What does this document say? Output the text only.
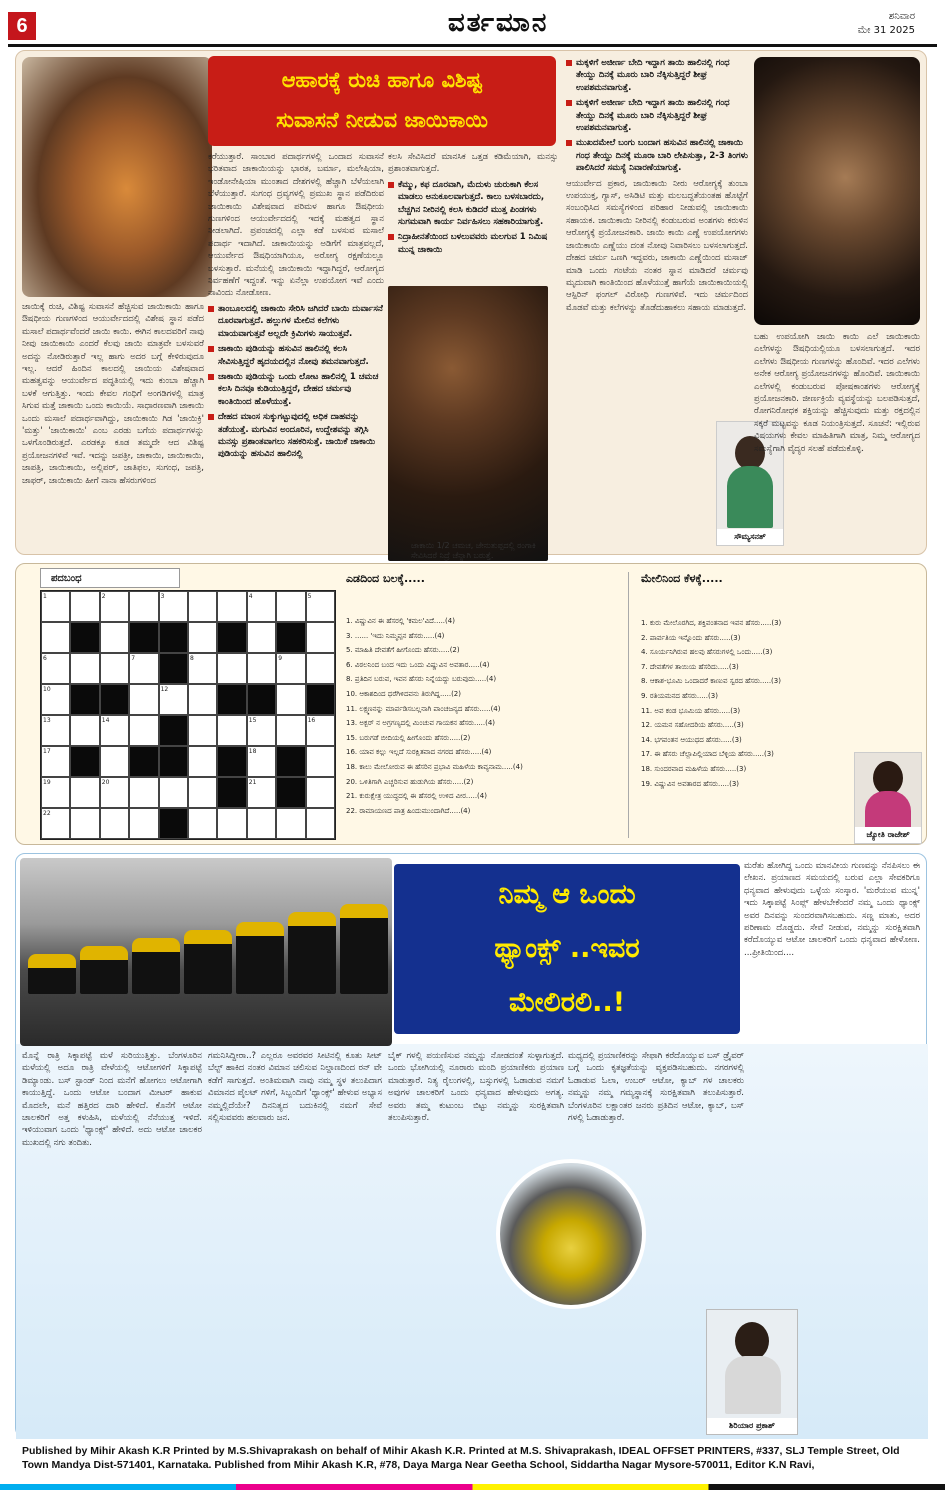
6	ವರ್ತಮಾನ	ಶನಿವಾರ
ಮೇ 31 2025
ಆಹಾರಕ್ಕೆ ರುಚಿ ಹಾಗೂ ವಿಶಿಷ್ಟ
ಸುವಾಸನೆ ನೀಡುವ ಜಾಯಿಕಾಯಿ

ಜಾಯಿಕ್ಕೆ ರುಚಿ, ವಿಶಿಷ್ಟ ಸುವಾಸನೆ ಹೆಚ್ಚಿಸುವ ಜಾಯಿಕಾಯಿ ಹಾಗೂ ಔಷಧೀಯ ಗುಣಗಳಿಂದ ಆಯುರ್ವೇದದಲ್ಲಿ ವಿಶೇಷ ಸ್ಥಾನ ಪಡೆದ ಮಸಾಲೆ ಪದಾರ್ಥವೆಂದರೆ ಜಾಯಿ ಕಾಯಿ. ಈಗಿನ ಕಾಲದವರಿಗೆ ನಾವು ನೀವು ಜಾಯಿಕಾಯಿ ಎಂದರೆ ಕೆಲವು ಜಾಯಿ ಮಾತ್ರವೇ ಬಳಸುವರೆ ಅದನ್ನು ನೋಡಿರುತ್ತಾರೆ ಇಲ್ಲ ಹಾಗು ಅದರ ಬಗ್ಗೆ ಕೇಳಿರುವುದೂ ಇಲ್ಲ. ಆದರೆ ಹಿಂದಿನ ಕಾಲದಲ್ಲಿ ಜಾಯಿಯ ವಿಶೇಷವಾದ ಮಹತ್ವವನ್ನು ಆಯುರ್ವೇದ ಪದ್ಧತಿಯಲ್ಲಿ ಇದು ಕುಂಬಾ ಹೆಚ್ಚಾಗಿ ಬಳಕೆ ಆಗುತ್ತಿತ್ತು. ಇಂದು ಕೇವಲ ಗಂಧಿಗೆ ಅಂಗಡಿಗಳಲ್ಲಿ ಮಾತ್ರ ಸಿಗುವ ಮತ್ತೆ ಜಾಕಾಯಿ ಒಂದು ಕಾಯಿಯೆ. ಸಾಧಾರಣವಾಗಿ ಜಾಕಾಯಿ ಒಂದು ಮಸಾಲೆ ಪದಾರ್ಥವಾಗಿದ್ದು, ಜಾಯಿಕಾಯಿ ಗಿಡ 'ಜಾಯಿಕ್ರಿ' 'ಮತ್ತು' 'ಜಾಯಿಕಾಯಿ' ಎಂಬ ಎರಡು ಬಗೆಯ ಪದಾರ್ಥಗಳನ್ನು ಒಳಗೊಂಡಿರುತ್ತದೆ. ಎರಡಕ್ಕೂ ಕೂಡ ತಮ್ಮದೇ ಆದ ವಿಶಿಷ್ಟ ಪ್ರಯೋಜನಗಳಿವೆ ಇವೆ. ಇದನ್ನು ಜಪತ್ರೀ, ಜಾಕಾಯಿ, ಜಾಯಿಕಾಯಿ, ಜಾಪತ್ರಿ, ಜಾಯಿಕಾಯಿ, ಅಲ್ಲಿಪರ್, ಜಾತಿಫಲ, ಸುಗಂಧ, ಜಪತ್ರಿ, ಜಾಫರ್, ಜಾಯಿಕಾಯಿ ಹೀಗೆ ನಾನಾ ಹೆಸರುಗಳಿಂದ

ಕರೆಯುತ್ತಾರೆ. ಸಾಂಬಾರ ಪದಾರ್ಥಗಳಲ್ಲಿ ಒಂದಾದ ಸುವಾಸನೆ ಭರಿತವಾದ ಜಾಕಾಯಿಯನ್ನು ಭಾರತ, ಬರ್ಮಾ, ಮಲೇಷಿಯಾ, ಇಂಡೋನೇಷಿಯಾ ಮುಂತಾದ ದೇಶಗಳಲ್ಲಿ ಹೆಚ್ಚಾಗಿ ಬೆಳೆಯಲಾಗಿ ಬೆಳೆಯುತ್ತಾರೆ. ಸುಗಂಧ ದ್ರವ್ಯಗಳಲ್ಲಿ ಪ್ರಮುಖ ಸ್ಥಾನ ಪಡೆದಿರುವ ಜಾಯಿಕಾಯಿ ವಿಶೇಷವಾದ ಪರಿಮಳ ಹಾಗೂ ಔಷಧೀಯ ಗುಣಗಳಿಂದ ಆಯುರ್ವೇದದಲ್ಲಿ ಇದಕ್ಕೆ ಮಹತ್ವದ ಸ್ಥಾನ ನೀಡಲಾಗಿದೆ. ಪ್ರಪಂಚದಲ್ಲಿ ಎಲ್ಲಾ ಕಡೆ ಬಳಸುವ ಮಸಾಲೆ ಪದಾರ್ಥ ಇದಾಗಿದೆ. ಜಾಕಾಯಿಯನ್ನು ಅಡಿಗೆಗೆ ಮಾತ್ರವಲ್ಲದೆ, ಆಯುರ್ವೇದ ಔಷಧಿಯಾಗಿಯೂ, ಅರೋಗ್ಯ ರಕ್ಷಣೆಯಲ್ಲೂ ಬಳಸುತ್ತಾರೆ. ಮನೆಯಲ್ಲಿ ಜಾಯಿಕಾಯಿ ಇದ್ದಾಗಿದ್ದರೆ, ಆರೋಗ್ಯದ ನಿರ್ವಹಣೆಗೆ ಇದ್ದಂತೆ. ಇನ್ನು ಏನೆಲ್ಲಾ ಉಪಯೋಗ ಇವೆ ಎಂದು ನಾವಿಂದು ನೋಡೋಣ.

ತಾಂಬೂಲದಲ್ಲಿ ಜಾಕಾಯಿ ಸೇರಿಸಿ ಜಗಿದರೆ ಬಾಯಿ ದುರ್ವಾಸನೆ ದೂರವಾಗುತ್ತದೆ. ಹಲ್ಲುಗಳ ಮೇಲಿನ ಕಲೆಗಳು ಮಾಯವಾಗುತ್ತವೆ ಅಲ್ಲದೇ ಕ್ರಿಮಿಗಳು ಸಾಯುತ್ತವೆ.
ಜಾಕಾಯಿ ಪುಡಿಯನ್ನು ಹಸುವಿನ ಹಾಲಿನಲ್ಲಿ ಕಲಸಿ ಸೇವಿಸುತ್ತಿದ್ದರೆ ಹೃದಯದಲ್ಲಿನ ನೋವು ಶಮನವಾಗುತ್ತದೆ.
ಜಾಕಾಯಿ ಪುಡಿಯನ್ನು ಒಂದು ಲೋಟ ಹಾಲಿನಲ್ಲಿ 1 ಚಮಚ ಕಲಸಿ ದಿನವೂ ಕುಡಿಯುತ್ತಿದ್ದರೆ, ದೇಹದ ಚರ್ಮವು ಕಾಂತಿಯಿಂದ ಹೊಳೆಯುತ್ತೆ.
ದೇಹದ ಮಾಂಸ ಸುಕ್ಕುಗಟ್ಟುವುದಲ್ಲಿ ಅಧಿಕ ದಾಹವನ್ನು ತಡೆಯುತ್ತೆ. ಮಗುವಿನ ಅಂದೂರಿನ, ಉದ್ದೇಶವನ್ನು ತಗ್ಗಿಸಿ ಮನಸ್ಸು ಪ್ರಶಾಂತವಾಗಲು ಸಹಕರಿಸುತ್ತೆ. ಜಾಯಿಕೆ ಜಾಕಾಯಿ ಪುಡಿಯನ್ನು ಹಸುವಿನ ಹಾಲಿನಲ್ಲಿ

ಕಲಸಿ ಸೇವಿಸಿದರೆ ಮಾನಸಿಕ ಒತ್ತಡ ಕಡಿಮೆಯಾಗಿ, ಮನಸ್ಸು ಪ್ರಶಾಂತವಾಗುತ್ತದೆ.

ಕೆಮ್ಮು, ಕಫ ದೂರವಾಗಿ, ಮೆದುಳು ಚುರುಕಾಗಿ ಕೆಲಸ ಮಾಡಲು ಅನುಕೂಲವಾಗುತ್ತದೆ. ಕಾಲು ಬಳಸಬಾರದು, ಬೆಚ್ಚಗಿನ ನೀರಿನಲ್ಲಿ ಕಲಸಿ ಕುಡಿದರೆ ಮುತ್ತ ಪಿಂಡಗಳು ಸುಗಮವಾಗಿ ಕಾರ್ಯ ನಿರ್ವಹಿಸಲು ಸಹಕಾರಿಯಾಗುತ್ತೆ.
ನಿದ್ರಾಹೀನತೆಯಿಂದ ಬಳಲುವವರು ಮಲಗುವ 1 ನಿಮಿಷ ಮುನ್ನ ಜಾಕಾಯಿ
ಜಾಕಾಯಿ 1/2 ಚಮಚ, ಜೇನುತುಪ್ಪದಲ್ಲಿ ರಂಗಾಕಿ ಸೇವಿಸಿದರೆ ನಿದ್ರೆ ಚೆನ್ನಾಗಿ ಬರುತ್ತೆ.
ಮಕ್ಕಳಿಗೆ ಅಜೀರ್ಣ ಬೇದಿ ಇದ್ದಾಗ ತಾಯಿ ಹಾಲಿನಲ್ಲಿ ಗಂಧ ತೇಯ್ದು ದಿನಕ್ಕೆ ಮೂರು ಬಾರಿ ನೆಕ್ಕಿಸುತ್ತಿದ್ದರೆ ಶೀಘ್ರ ಉಪಶಮನವಾಗುತ್ತೆ.
ಮಕ್ಕಳಿಗೆ ಅಜೀರ್ಣ ಬೇದಿ ಇದ್ದಾಗ ತಾಯಿ ಹಾಲಿನಲ್ಲಿ ಗಂಧ ತೇಯ್ದು ದಿನಕ್ಕೆ ಮೂರು ಬಾರಿ ನೆಕ್ಕಿಸುತ್ತಿದ್ದರೆ ಶೀಘ್ರ ಉಪಶಮನವಾಗುತ್ತೆ.
ಮುಖದಮೇಲೆ ಬಂಗು ಬಂದಾಗ ಹಸುವಿನ ಹಾಲಿನಲ್ಲಿ ಜಾಕಾಯಿ ಗಂಧ ತೇಯ್ದು ದಿನಕ್ಕೆ ಮೂರಾ ಬಾರಿ ಲೇಪಿಸುತ್ತಾ, 2-3 ತಿಂಗಳು ಪಾಲಿಸಿದರೆ ಸಮಸ್ಯೆ ನಿವಾರಣೆಯಾಗುತ್ತೆ.

ಆಯುರ್ವೇದ ಪ್ರಕಾರ, ಜಾಯಿಕಾಯಿ ನೀರು ಆರೋಗ್ಯಕ್ಕೆ ತುಂಬಾ ಉಪಯುಕ್ತ, ಗ್ಯಾಸ್, ಅಸಿಡಿಟಿ ಮತ್ತು ಮಲಬದ್ಧತೆಯಂತಹ ಹೊಟ್ಟೆಗೆ ಸಂಬಂಧಿಸಿದ ಸಮಸ್ಯೆಗಳಿಂದ ಪರಿಹಾರ ನೀಡುವಲ್ಲಿ ಜಾಯಿಕಾಯಿ ಸಹಾಯಕ. ಜಾಯಿಕಾಯಿ ನೀರಿನಲ್ಲಿ ಕಂಡುಬರುವ ಅಂಶಗಳು ಕರುಳಿನ ಆರೋಗ್ಯಕ್ಕೆ ಪ್ರಯೋಜನಕಾರಿ. ಜಾಯಿ ಕಾಯಿ ಎಣ್ಣೆ ಉಪಯೋಗಗಳು ಜಾಯಿಕಾಯಿ ಎಣ್ಣೆಯು ದಂತ ನೋವು ನಿವಾರಿಸಲು ಬಳಸಲಾಗುತ್ತದೆ. ದೇಹದ ಚರ್ಮ ಒಣಗಿ ಇದ್ದವರು, ಜಾಕಾಯಿ ಎಣ್ಣೆಯಿಂದ ಮಸಾಜ್ ಮಾಡಿ ಒಂದು ಗಂಟೆಯ ನಂತರ ಸ್ನಾನ ಮಾಡಿದರೆ ಚರ್ಮವು ಮೃದುವಾಗಿ ಕಾಂತಿಯಿಂದ ಹೊಳೆಯುತ್ತೆ ಹಾಗೆಯೆ ಜಾಯಿಕಾಯಿಯಲ್ಲಿ ಆಸ್ಪಿರಿನ್ ಫಂಗಲ್ ವಿರೋಧಿ ಗುಣಗಳಿವೆ. ಇದು ಚರ್ಮದಿಂದ ಮೊಡವೆ ಮತ್ತು ಕಲೆಗಳನ್ನು ತೊಡೆದುಹಾಕಲು ಸಹಾಯ ಮಾಡುತ್ತದೆ.

ಸೌಮ್ಯಸನತ್

ಬಹು ಉಪಯೋಗಿ ಜಾಯಿ ಕಾಯಿ ಎಲೆ ಜಾಯಿಕಾಯಿ ಎಲೆಗಳನ್ನು ಔಷಧಿಯಲ್ಲಿಯೂ ಬಳಸಲಾಗುತ್ತದೆ. ಇದರ ಎಲೆಗಳು ಔಷಧೀಯ ಗುಣಗಳನ್ನು ಹೊಂದಿವೆ. ಇದರ ಎಲೆಗಳು ಅನೇಕ ಆರೋಗ್ಯ ಪ್ರಯೋಜನಗಳನ್ನು ಹೊಂದಿವೆ. ಜಾಯಿಕಾಯಿ ಎಲೆಗಳಲ್ಲಿ ಕಂಡುಬರುವ ಪೋಷಕಾಂಶಗಳು ಆರೋಗ್ಯಕ್ಕೆ ಪ್ರಯೋಜನಕಾರಿ. ಜೀರ್ಣಕ್ರಿಯೆ ವ್ಯವಸ್ಥೆಯನ್ನು ಬಲಪಡಿಸುತ್ತದೆ, ರೋಗನಿರೋಧಕ ಶಕ್ತಿಯನ್ನು ಹೆಚ್ಚಿಸುವುದು ಮತ್ತು ರಕ್ತದಲ್ಲಿನ ಸಕ್ಕರೆ ಮಟ್ಟವನ್ನು ಕೂಡ ನಿಯಂತ್ರಿಸುತ್ತದೆ. ಸೂಚನೆ: ಇಲ್ಲಿರುವ ವಿಷಯಗಳು ಕೇವಲ ಮಾಹಿತಿಗಾಗಿ ಮಾತ್ರ, ನಿಮ್ಮ ಆರೋಗ್ಯದ ಸಮಸ್ಯೆಗಾಗಿ ವೈದ್ಯರ ಸಲಹೆ ಪಡೆದುಕೊಳ್ಳಿ.

ಪದಬಂಧ
1	2	3	4	5
6	7	8	9
10	12
13	14	15	16
17	18
19	20	21
22
ಎಡದಿಂದ ಬಲಕ್ಕೆ.....
1. ವಿಷ್ಣುವಿನ ಈ ಹೆಸರಲ್ಲಿ 'ಕಮಲ'ವಿದೆ.....(4)
3. ...... 'ಇದು ನಿಮ್ಮಪ್ಪನ ಹೆಸರು.....(4)
5. ಮಾಹಿತಿ ದೇವತೆಗೆ ಹೀಗೊಂದು ಹೆಸರು.....(2)
6. ವಿಠಲನಿಂದ ಬಂದ ಇದು ಒಂದು ವಿಷ್ಣುವಿನ ಅವತಾರ.....(4)
8. ಪ್ರತಿದಿನ ಬರುವ, ಇವನ ಹೆಸರು ನಿನ್ನೆಯದ್ದು ಬರುವುದು.....(4)
10. ಆಕಾಶದಿಂದ ಧರೆಗಿಳಿದವನು ತಿರುಗಿದ್ದ.....(2)
11. ಲಕ್ಷ್ಮಣನನ್ನು ಮಾರ್ಪಡಿಸಬಲ್ಲನಾಗಿ ಪಾಂಚಜನ್ಯದ ಹೆಸರು.....(4)
13. ಅಕ್ಬರ್ ನ ಅಗ್ರಗಣ್ಯದಲ್ಲಿ ಮಿಂಚುವ ಗಾಯಕನ ಹೆಸರು.....(4)
15. ಬರುಗಡೆ ಬೀದಿಯಲ್ಲಿ ಹೀಗೊಂದು ಹೆಸರು.....(2)
16. ಯಾವ ಕಲ್ಲು ಇಲ್ಲದೆ ಸುರಕ್ಷಿತವಾದ ನಗರದ ಹೆಸರು.....(4)
18. ಕಾಲು ಮೇಲೋರುವ ಈ ಹೆಸರಿನ ಪ್ರಭಾವಿ ಮಹಿಳೆಯ ಕಾವ್ಯನಾಮ.....(4)
20. ಒಳಿತಿಗಾಗಿ ಎಚ್ಚರಿಸುವ ಹುಡುಗಿಯ ಹೆಸರು.....(2)
21. ಕುರುಕ್ಷೇತ್ರ ಯುದ್ಧದಲ್ಲಿ ಈ ಹೆಸರಲ್ಲಿ ಉಳಿದ ವೀರ.....(4)
22. ರಾಮಾಯಣದ ಪಾತ್ರ ಹಿಂದುಮುಂದಾಗಿದೆ.....(4)
ಮೇಲಿನಿಂದ ಕೆಳಕ್ಕೆ.....
1. ಕುರು ಮೇಲೊರಗಿದ, ಶಕ್ತಿವಂತನಾದ ಇವನ ಹೆಸರು.....(3)
2. ಪಾರ್ವತಿಯ ಇನ್ನೊಂದು ಹೆಸರು.....(3)
4. ಸೂರ್ಯನಿಗಿರುವ ಹಲವು ಹೆಸರುಗಳಲ್ಲಿ ಒಂದು.....(3)
7. ದೇವತೆಗಳ ತಾಯಿಯ ಹೆಸರಿದು.....(3)
8. ಆಕಾಶ-ಭೂಮಿ ಒಂದಾದರೆ ಕಾಣುವ ಸ್ವರದ ಹೆಸರು.....(3)
9. ರತಿಯಮನದ ಹೆಸರು.....(3)
11. ಅವ ಕಂಡ ಭೂಮಿಯ ಹೆಸರು.....(3)
12. ಯಮನ ಸಹೋದರಿಯ ಹೆಸರು.....(3)
14. ಭಗವಂತನ ಆಯುಧದ ಹೆಸರು.....(3)
17. ಈ ಹೆಸರು ಚೆಲ್ಲಾಪಿಲ್ಲಿಯಾದ ಬೆಳ್ಳಿಯ ಹೆಸರು.....(3)
18. ಸುಂದರವಾದ ಮಹಿಳೆಯ ಹೆಸರು.....(3)
19. ವಿಷ್ಣುವಿನ ಅವತಾರದ ಹೆಸರು.....(3)
ಜ್ಯೋತಿ ರಾಜೇಶ್
ನಿಮ್ಮ ಆ ಒಂದು
ಥ್ಯಾಂಕ್ಸ್ ..ಇವರ
ಮೇಲಿರಲಿ..!

ಮೊನ್ನೆ ರಾತ್ರಿ ಸಿಕ್ಕಾಪಟ್ಟೆ ಮಳೆ ಸುರಿಯುತ್ತಿತ್ತು. ಬೆಂಗಳೂರಿನ ಮಳೆಯಲ್ಲಿ ಅದೂ ರಾತ್ರಿ ವೇಳೆಯಲ್ಲಿ ಆಟೋಗಳಿಗೆ ಸಿಕ್ಕಾಪಟ್ಟೆ ಡಿಮ್ಯಾಂಡು. ಬಸ್ ಸ್ಟಾಂಡ್ ನಿಂದ ಮನೆಗೆ ಹೋಗಲು ಆಟೋಗಾಗಿ ಕಾಯುತ್ತಿದ್ದೆ. ಒಂದು ಆಟೋ ಬಂದಾಗ ಮೀಟರ್ ಹಾಕುವ ಮೊದಲೇ, ಮನೆ ಹತ್ತಿರದ ದಾರಿ ಹೇಳಿದೆ. ಕೊನೆಗೆ ಆಟೋ ಚಾಲಕರಿಗೆ ಅತ್ತ ಕಳುಹಿಸಿ, ಮಳೆಯಲ್ಲಿ ನೆನೆಯುತ್ತ ಇಳಿದೆ. ಇಳಿಯುವಾಗ ಒಂದು 'ಥ್ಯಾಂಕ್ಸ್' ಹೇಳಿದೆ. ಅದು ಆಟೋ ಚಾಲಕರ ಮುಖದಲ್ಲಿ ನಗು ತಂದಿತು.

ಗಮನಿಸಿದ್ದೀರಾ..? ಎಲ್ಲರೂ ಅವರವರ ಸೀಟಿನಲ್ಲಿ ಕೂತು ಸೀಟ್ ಬೆಲ್ಟ್ ಹಾಕಿದ ನಂತರ ವಿಮಾನ ಚಲಿಸುವ ನಿಲ್ದಾಣದಿಂದ ರನ್ ವೇ ಕಡೆಗೆ ಸಾಗುತ್ತದೆ. ಅಂತಿಮವಾಗಿ ನಾವು ನಮ್ಮ ಸ್ಥಳ ತಲುಪಿದಾಗ ವಿಮಾನದ ಪೈಲಟ್ ಗಳಿಗೆ, ಸಿಬ್ಬಂದಿಗೆ 'ಥ್ಯಾಂಕ್ಸ್' ಹೇಳುವ ಅಭ್ಯಾಸ ನಮ್ಮಲ್ಲಿದೆಯೇ? ದಿನನಿತ್ಯದ ಬದುಕಿನಲ್ಲಿ ನಮಗೆ ಸೇವೆ ಸಲ್ಲಿಸುವವರು ಹಲವಾರು ಜನ.

ಬೈಕ್ ಗಳಲ್ಲಿ ಪಯಣಿಸುವ ನಮ್ಮನ್ನು ನೋಡದಂತೆ ಸುಳ್ಳಾಗುತ್ತದೆ. ಒಂದು ಭೋಗಿಯಲ್ಲಿ ನೂರಾರು ಮಂದಿ ಪ್ರಯಾಣಿಕರು ಪ್ರಯಾಣ ಮಾಡುತ್ತಾರೆ. ನಿತ್ಯ ರೈಲುಗಳಲ್ಲಿ, ಬಸ್ಸುಗಳಲ್ಲಿ ಓಡಾಡುವ ನಮಗೆ ಅವುಗಳ ಚಾಲಕರಿಗೆ ಒಂದು ಧನ್ಯವಾದ ಹೇಳುವುದು ಅಗತ್ಯ. ಅವರು ತಮ್ಮ ಕುಟುಂಬ ಬಿಟ್ಟು ನಮ್ಮನ್ನು ಸುರಕ್ಷಿತವಾಗಿ ತಲುಪಿಸುತ್ತಾರೆ.

ಮಧ್ಯದಲ್ಲಿ ಪ್ರಯಾಣಿಕರನ್ನು ಸೇಫಾಗಿ ಕರೆದೊಯ್ಯುವ ಬಸ್ ಡ್ರೈವರ್ ಬಗ್ಗೆ ಒಂದು ಕೃತಜ್ಞತೆಯನ್ನು ವ್ಯಕ್ತಪಡಿಸಬಹುದು. ನಗರಗಳಲ್ಲಿ ಓಡಾಡುವ ಓಲಾ, ಉಬರ್ ಆಟೋ, ಕ್ಯಾಬ್ ಗಳ ಚಾಲಕರು ನಮ್ಮನ್ನು ನಮ್ಮ ಗಮ್ಯಸ್ಥಾನಕ್ಕೆ ಸುರಕ್ಷಿತವಾಗಿ ತಲುಪಿಸುತ್ತಾರೆ. ಬೆಂಗಳೂರಿನ ಲಕ್ಷಾಂತರ ಜನರು ಪ್ರತಿದಿನ ಆಟೋ, ಕ್ಯಾಬ್, ಬಸ್ ಗಳಲ್ಲಿ ಓಡಾಡುತ್ತಾರೆ.

ಮರೆತು ಹೋಗಿದ್ದ ಒಂದು ಮಾನವೀಯ ಗುಣವನ್ನು ನೆನಪಿಸಲು ಈ ಲೇಖನ. ಪ್ರಯಾಣದ ಸಮಯದಲ್ಲಿ ಬರುವ ಎಲ್ಲಾ ಸೇವಕರಿಗೂ ಧನ್ಯವಾದ ಹೇಳುವುದು ಒಳ್ಳೆಯ ಸಂಸ್ಕಾರ. 'ಮರೆಯುವ ಮುನ್ನ' ಇದು ಸಿಕ್ಕಾಪಟ್ಟೆ ಸಿಂಪ್ಲ್ ಹೇಳಬೇಕೆಂದರೆ ನಮ್ಮ ಒಂದು ಥ್ಯಾಂಕ್ಸ್ ಅವರ ದಿನವನ್ನು ಸುಂದರವಾಗಿಸಬಹುದು. ಸಣ್ಣ ಮಾತು, ಅದರ ಪರಿಣಾಮ ದೊಡ್ಡದು. ಸೇವೆ ನೀಡುವ, ನಮ್ಮನ್ನು ಸುರಕ್ಷಿತವಾಗಿ ಕರೆದೊಯ್ಯುವ ಆಟೋ ಚಾಲಕರಿಗೆ ಒಂದು ಧನ್ಯವಾದ ಹೇಳೋಣ. ...ಪ್ರೀತಿಯಿಂದ....

ಶಿರಿಯಾರ ಪ್ರಕಾಶ್
Published by Mihir Akash K.R Printed by M.S.Shivaprakash on behalf of Mihir Akash K.R. Printed at M.S. Shivaprakash, IDEAL OFFSET PRINTERS, #337, SLJ Temple Street, Old Town Mandya Dist-571401, Karnataka. Published from Mihir Akash K.R, #78, Daya Marga Near Geetha School, Siddartha Nagar Mysore-570011, Editor K.N Ravi,
